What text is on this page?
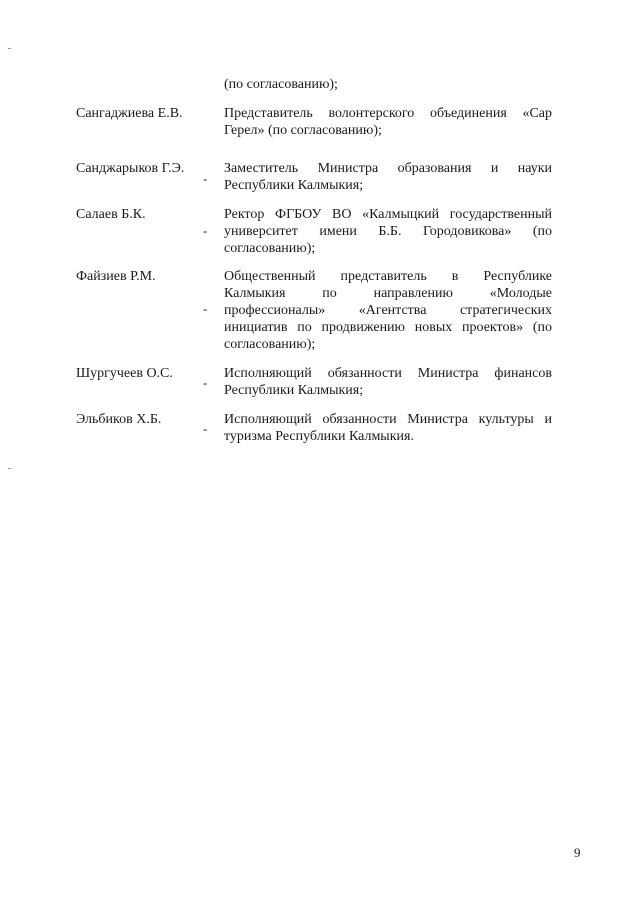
(по согласованию);
Сангаджиева Е.В.	Представитель волонтерского объединения «Сар Герел» (по согласованию);
Санджарыков Г.Э.
-
Заместитель Министра образования и науки Республики Калмыкия;
Салаев Б.К.
-
Ректор ФГБОУ ВО «Калмыцкий государственный университет имени Б.Б. Городовикова» (по согласованию);
Файзиев Р.М.
-
Общественный представитель в Республике Калмыкия по направлению «Молодые профессионалы» «Агентства стратегических инициатив по продвижению новых проектов» (по согласованию);
Шургучеев О.С.
-
Исполняющий обязанности Министра финансов Республики Калмыкия;
Эльбиков Х.Б.
-
Исполняющий обязанности Министра культуры и туризма Республики Калмыкия.
9
